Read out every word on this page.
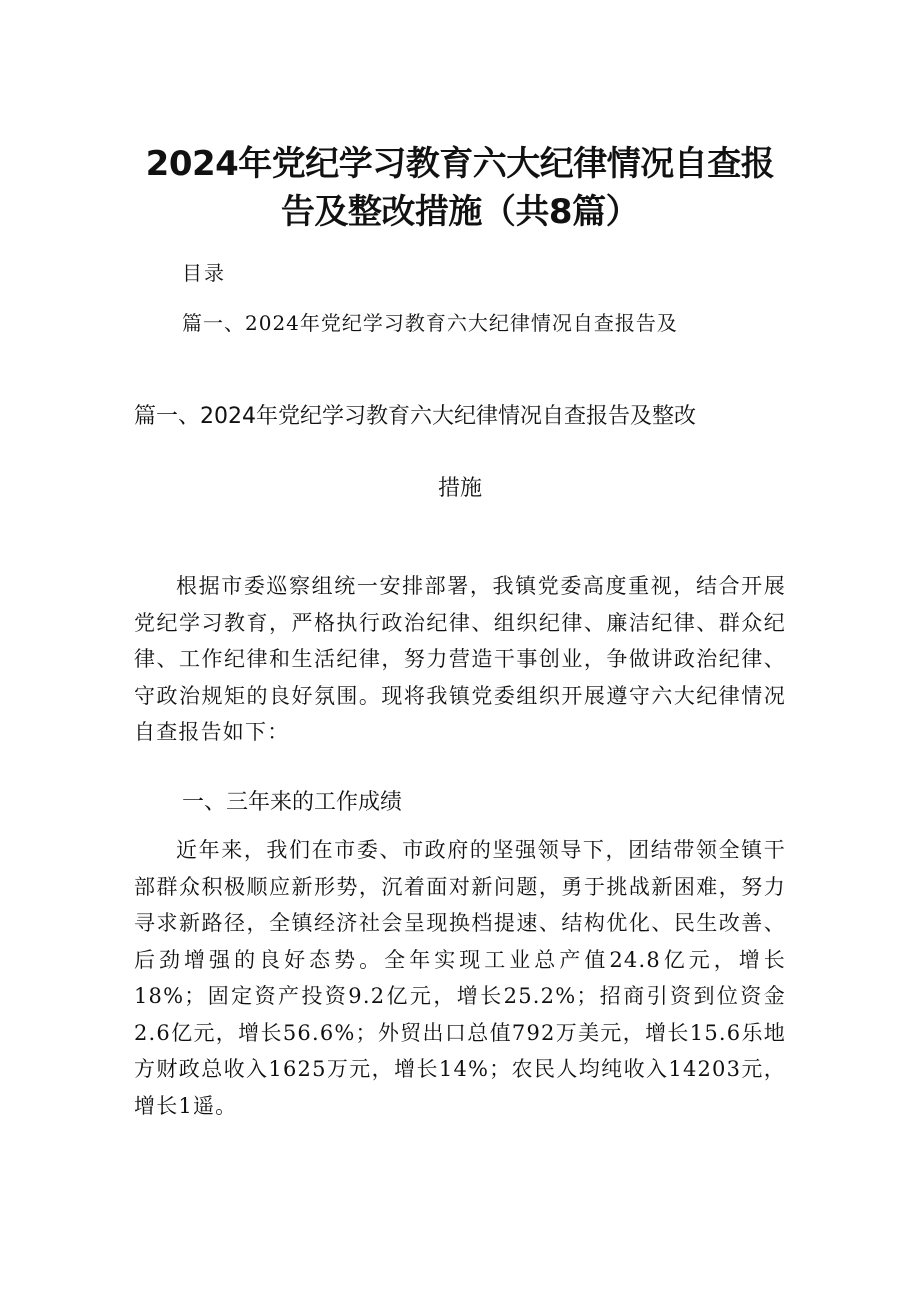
2024年党纪学习教育六大纪律情况自查报
告及整改措施（共8篇）
目录
篇一、2024年党纪学习教育六大纪律情况自查报告及
篇一、2024年党纪学习教育六大纪律情况自查报告及整改
措施

根据市委巡察组统一安排部署，我镇党委高度重视，结合开展党纪学习教育，严格执行政治纪律、组织纪律、廉洁纪律、群众纪律、工作纪律和生活纪律，努力营造干事创业，争做讲政治纪律、守政治规矩的良好氛围。现将我镇党委组织开展遵守六大纪律情况自查报告如下：

一、三年来的工作成绩

近年来，我们在市委、市政府的坚强领导下，团结带领全镇干部群众积极顺应新形势，沉着面对新问题，勇于挑战新困难，努力寻求新路径，全镇经济社会呈现换档提速、结构优化、民生改善、后劲增强的良好态势。全年实现工业总产值24.8亿元，增长18%；固定资产投资9.2亿元，增长25.2%；招商引资到位资金2.6亿元，增长56.6%；外贸出口总值792万美元，增长15.6乐地方财政总收入1625万元，增长14%；农民人均纯收入14203元，增长1遥。
